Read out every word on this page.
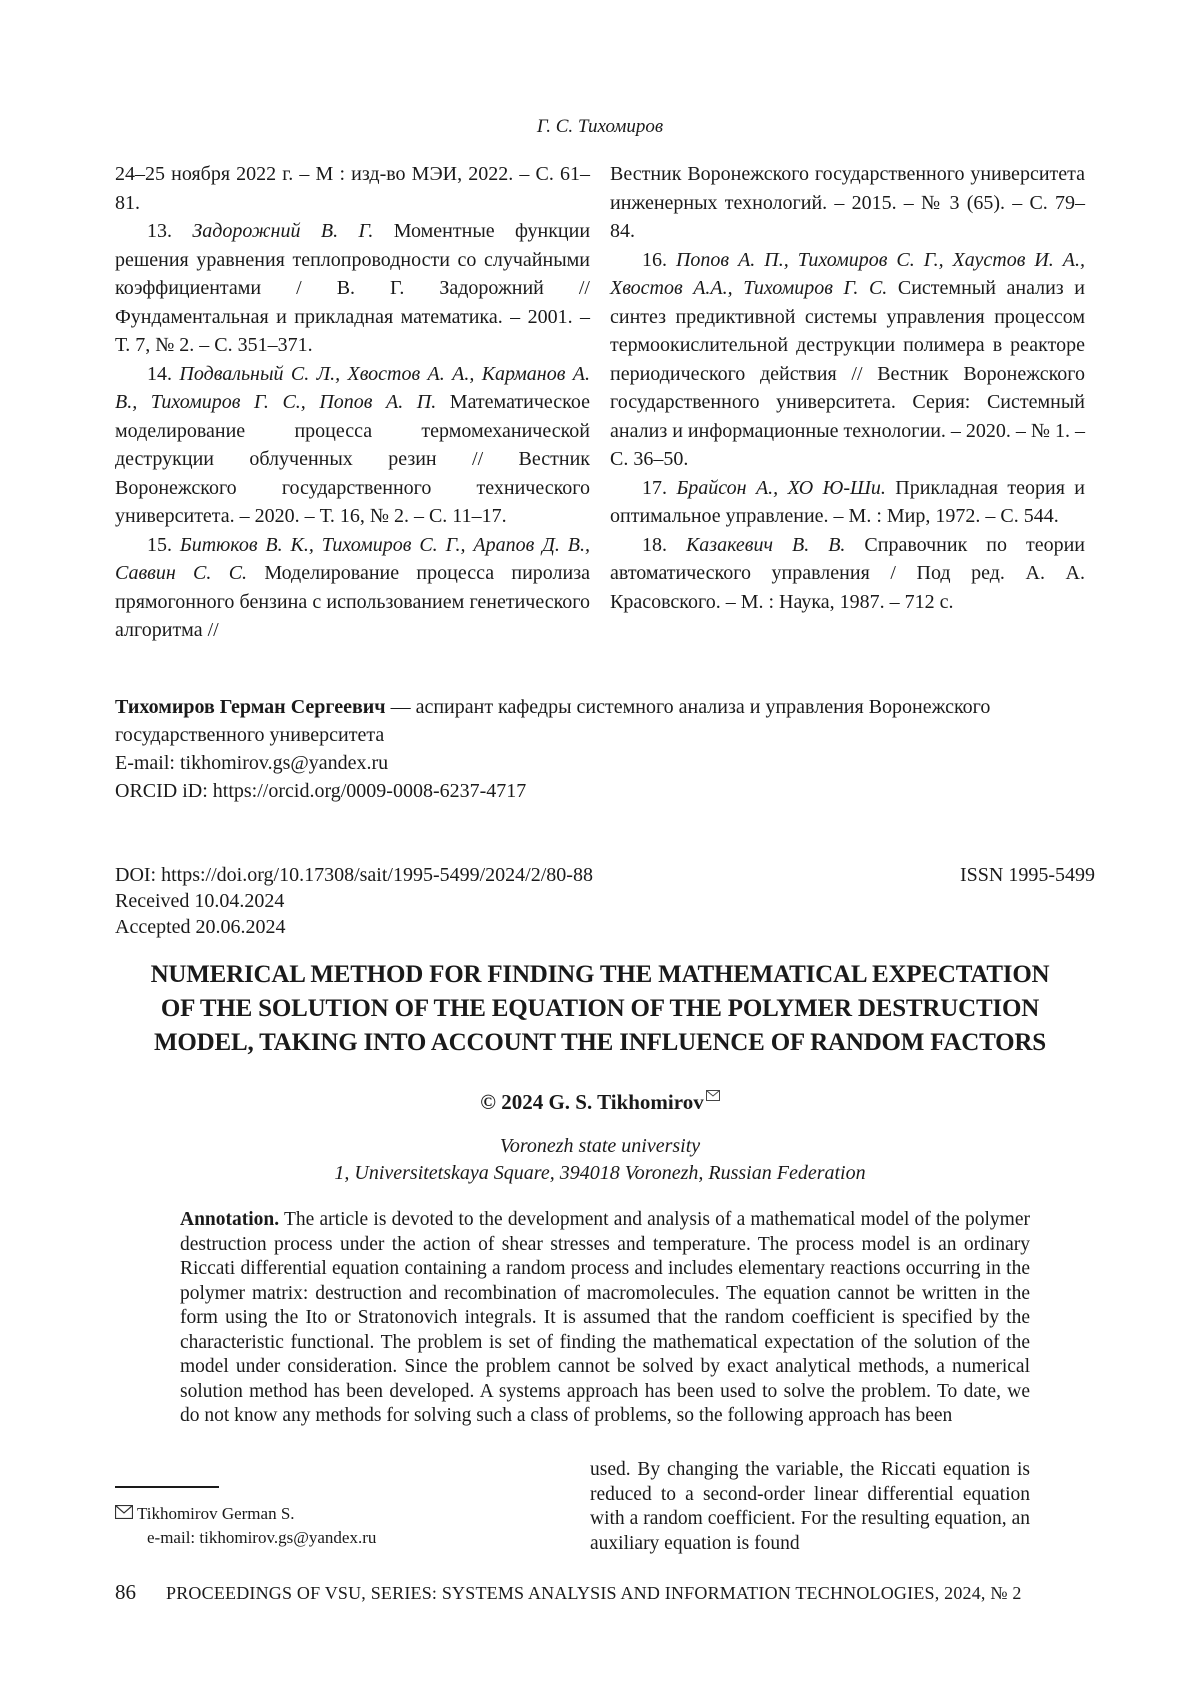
Г. С. Тихомиров

24–25 ноября 2022 г. – М : изд-во МЭИ, 2022. – С. 61–81.

13. Задорожний В. Г. Моментные функции решения уравнения теплопроводности со случайными коэффициентами / В. Г. Задорожний // Фундаментальная и прикладная математика. – 2001. – Т. 7, № 2. – С. 351–371.

14. Подвальный С. Л., Хвостов А. А., Карманов А. В., Тихомиров Г. С., Попов А. П. Математическое моделирование процесса термомеханической деструкции облученных резин // Вестник Воронежского государственного технического университета. – 2020. – Т. 16, № 2. – С. 11–17.

15. Битюков В. К., Тихомиров С. Г., Арапов Д. В., Саввин С. С. Моделирование процесса пиролиза прямогонного бензина с использованием генетического алгоритма //

Вестник Воронежского государственного университета инженерных технологий. – 2015. – № 3 (65). – С. 79–84.

16. Попов А. П., Тихомиров С. Г., Хаустов И. А., Хвостов А.А., Тихомиров Г. С. Системный анализ и синтез предиктивной системы управления процессом термоокислительной деструкции полимера в реакторе периодического действия // Вестник Воронежского государственного университета. Серия: Системный анализ и информационные технологии. – 2020. – № 1. – С. 36–50.

17. Брайсон А., ХО Ю-Ши. Прикладная теория и оптимальное управление. – М. : Мир, 1972. – С. 544.

18. Казакевич В. В. Справочник по теории автоматического управления / Под ред. А. А. Красовского. – М. : Наука, 1987. – 712 с.

Тихомиров Герман Сергеевич — аспирант кафедры системного анализа и управления Воронежского государственного университета
E-mail: tikhomirov.gs@yandex.ru
ORCID iD: https://orcid.org/0009-0008-6237-4717
DOI: https://doi.org/10.17308/sait/1995-5499/2024/2/80-88	ISSN 1995-5499
Received 10.04.2024
Accepted 20.06.2024
NUMERICAL METHOD FOR FINDING THE MATHEMATICAL EXPECTATION
OF THE SOLUTION OF THE EQUATION OF THE POLYMER DESTRUCTION
MODEL, TAKING INTO ACCOUNT THE INFLUENCE OF RANDOM FACTORS
© 2024 G. S. Tikhomirov
Voronezh state university
1, Universitetskaya Square, 394018 Voronezh, Russian Federation
Annotation. The article is devoted to the development and analysis of a mathematical model of the polymer destruction process under the action of shear stresses and temperature. The process model is an ordinary Riccati differential equation containing a random process and includes elementary reactions occurring in the polymer matrix: destruction and recombination of macromolecules. The equation cannot be written in the form using the Ito or Stratonovich integrals. It is assumed that the random coefficient is specified by the characteristic functional. The problem is set of finding the mathematical expectation of the solution of the model under consideration. Since the problem cannot be solved by exact analytical methods, a numerical solution method has been developed. A systems approach has been used to solve the problem. To date, we do not know any methods for solving such a class of problems, so the following approach has been
used. By changing the variable, the Riccati equation is reduced to a second-order linear differential equation with a random coefficient. For the resulting equation, an auxiliary equation is found
Tikhomirov German S.
e-mail: tikhomirov.gs@yandex.ru
86 PROCEEDINGS OF VSU, SERIES: SYSTEMS ANALYSIS AND INFORMATION TECHNOLOGIES, 2024, № 2
